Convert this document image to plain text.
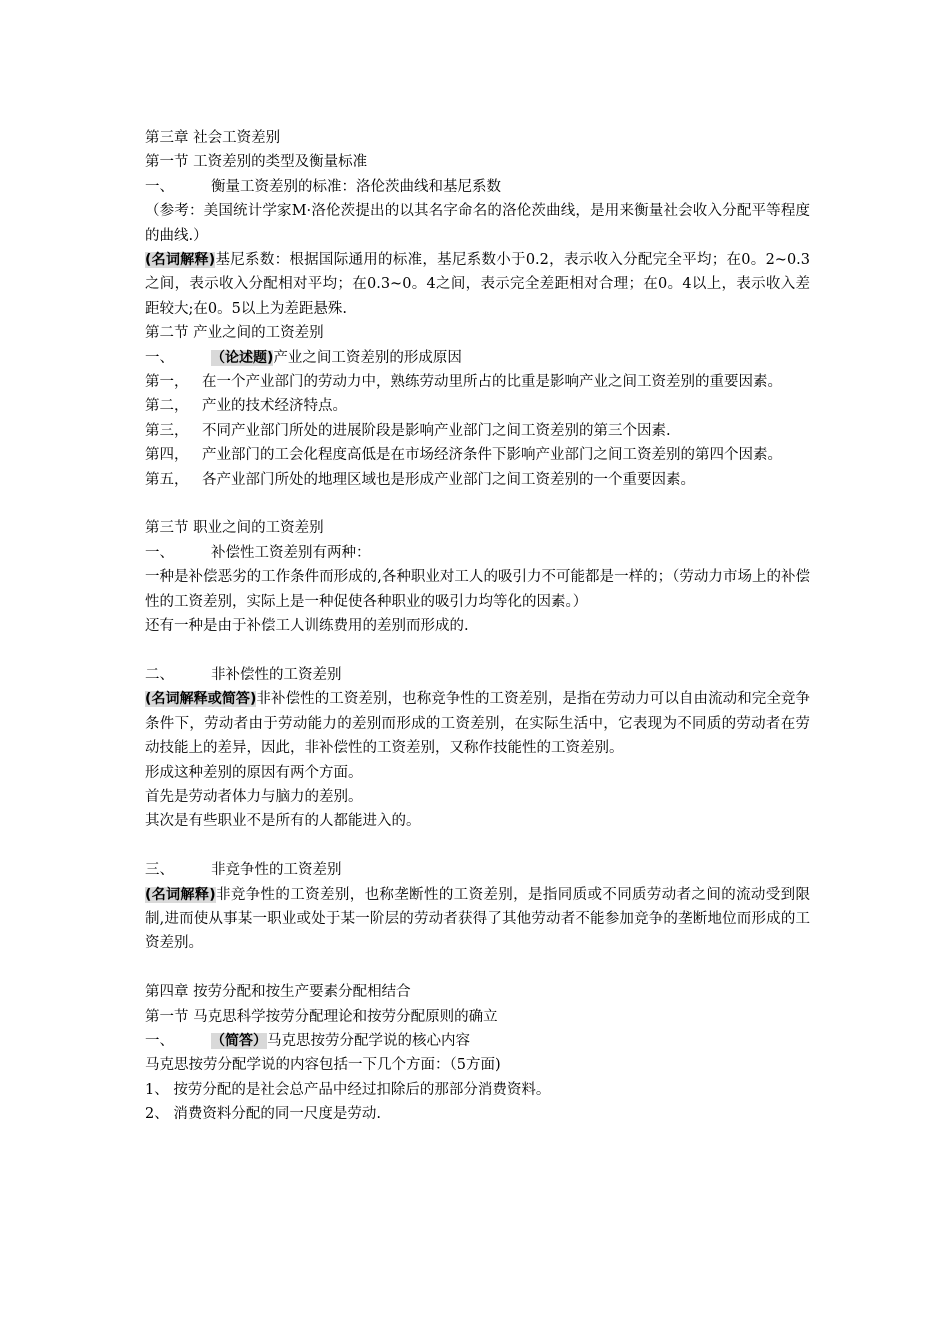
第三章 社会工资差别
第一节 工资差别的类型及衡量标准
一、	衡量工资差别的标准：洛伦茨曲线和基尼系数
（参考：美国统计学家M·洛伦茨提出的以其名字命名的洛伦茨曲线，是用来衡量社会收入分配平等程度的曲线.）
(名词解释)基尼系数：根据国际通用的标准，基尼系数小于0.2，表示收入分配完全平均；在0。2~0.3之间，表示收入分配相对平均；在0.3~0。4之间，表示完全差距相对合理；在0。4以上，表示收入差距较大;在0。5以上为差距悬殊.
第二节 产业之间的工资差别
一、	（论述题)产业之间工资差别的形成原因
第一， 在一个产业部门的劳动力中，熟练劳动里所占的比重是影响产业之间工资差别的重要因素。
第二， 产业的技术经济特点。
第三， 不同产业部门所处的进展阶段是影响产业部门之间工资差别的第三个因素.
第四， 产业部门的工会化程度高低是在市场经济条件下影响产业部门之间工资差别的第四个因素。
第五， 各产业部门所处的地理区域也是形成产业部门之间工资差别的一个重要因素。
第三节 职业之间的工资差别
一、	补偿性工资差别有两种：
一种是补偿恶劣的工作条件而形成的,各种职业对工人的吸引力不可能都是一样的；（劳动力市场上的补偿性的工资差别，实际上是一种促使各种职业的吸引力均等化的因素。）
还有一种是由于补偿工人训练费用的差别而形成的.
二、	非补偿性的工资差别
(名词解释或简答)非补偿性的工资差别，也称竞争性的工资差别，是指在劳动力可以自由流动和完全竞争条件下，劳动者由于劳动能力的差别而形成的工资差别，在实际生活中，它表现为不同质的劳动者在劳动技能上的差异，因此，非补偿性的工资差别，又称作技能性的工资差别。
形成这种差别的原因有两个方面。
首先是劳动者体力与脑力的差别。
其次是有些职业不是所有的人都能进入的。
三、	非竞争性的工资差别
(名词解释)非竞争性的工资差别，也称垄断性的工资差别，是指同质或不同质劳动者之间的流动受到限制,进而使从事某一职业或处于某一阶层的劳动者获得了其他劳动者不能参加竞争的垄断地位而形成的工资差别。
第四章 按劳分配和按生产要素分配相结合
第一节 马克思科学按劳分配理论和按劳分配原则的确立
一、	（简答）马克思按劳分配学说的核心内容
马克思按劳分配学说的内容包括一下几个方面：（5方面)
1、 按劳分配的是社会总产品中经过扣除后的那部分消费资料。
2、 消费资料分配的同一尺度是劳动.
